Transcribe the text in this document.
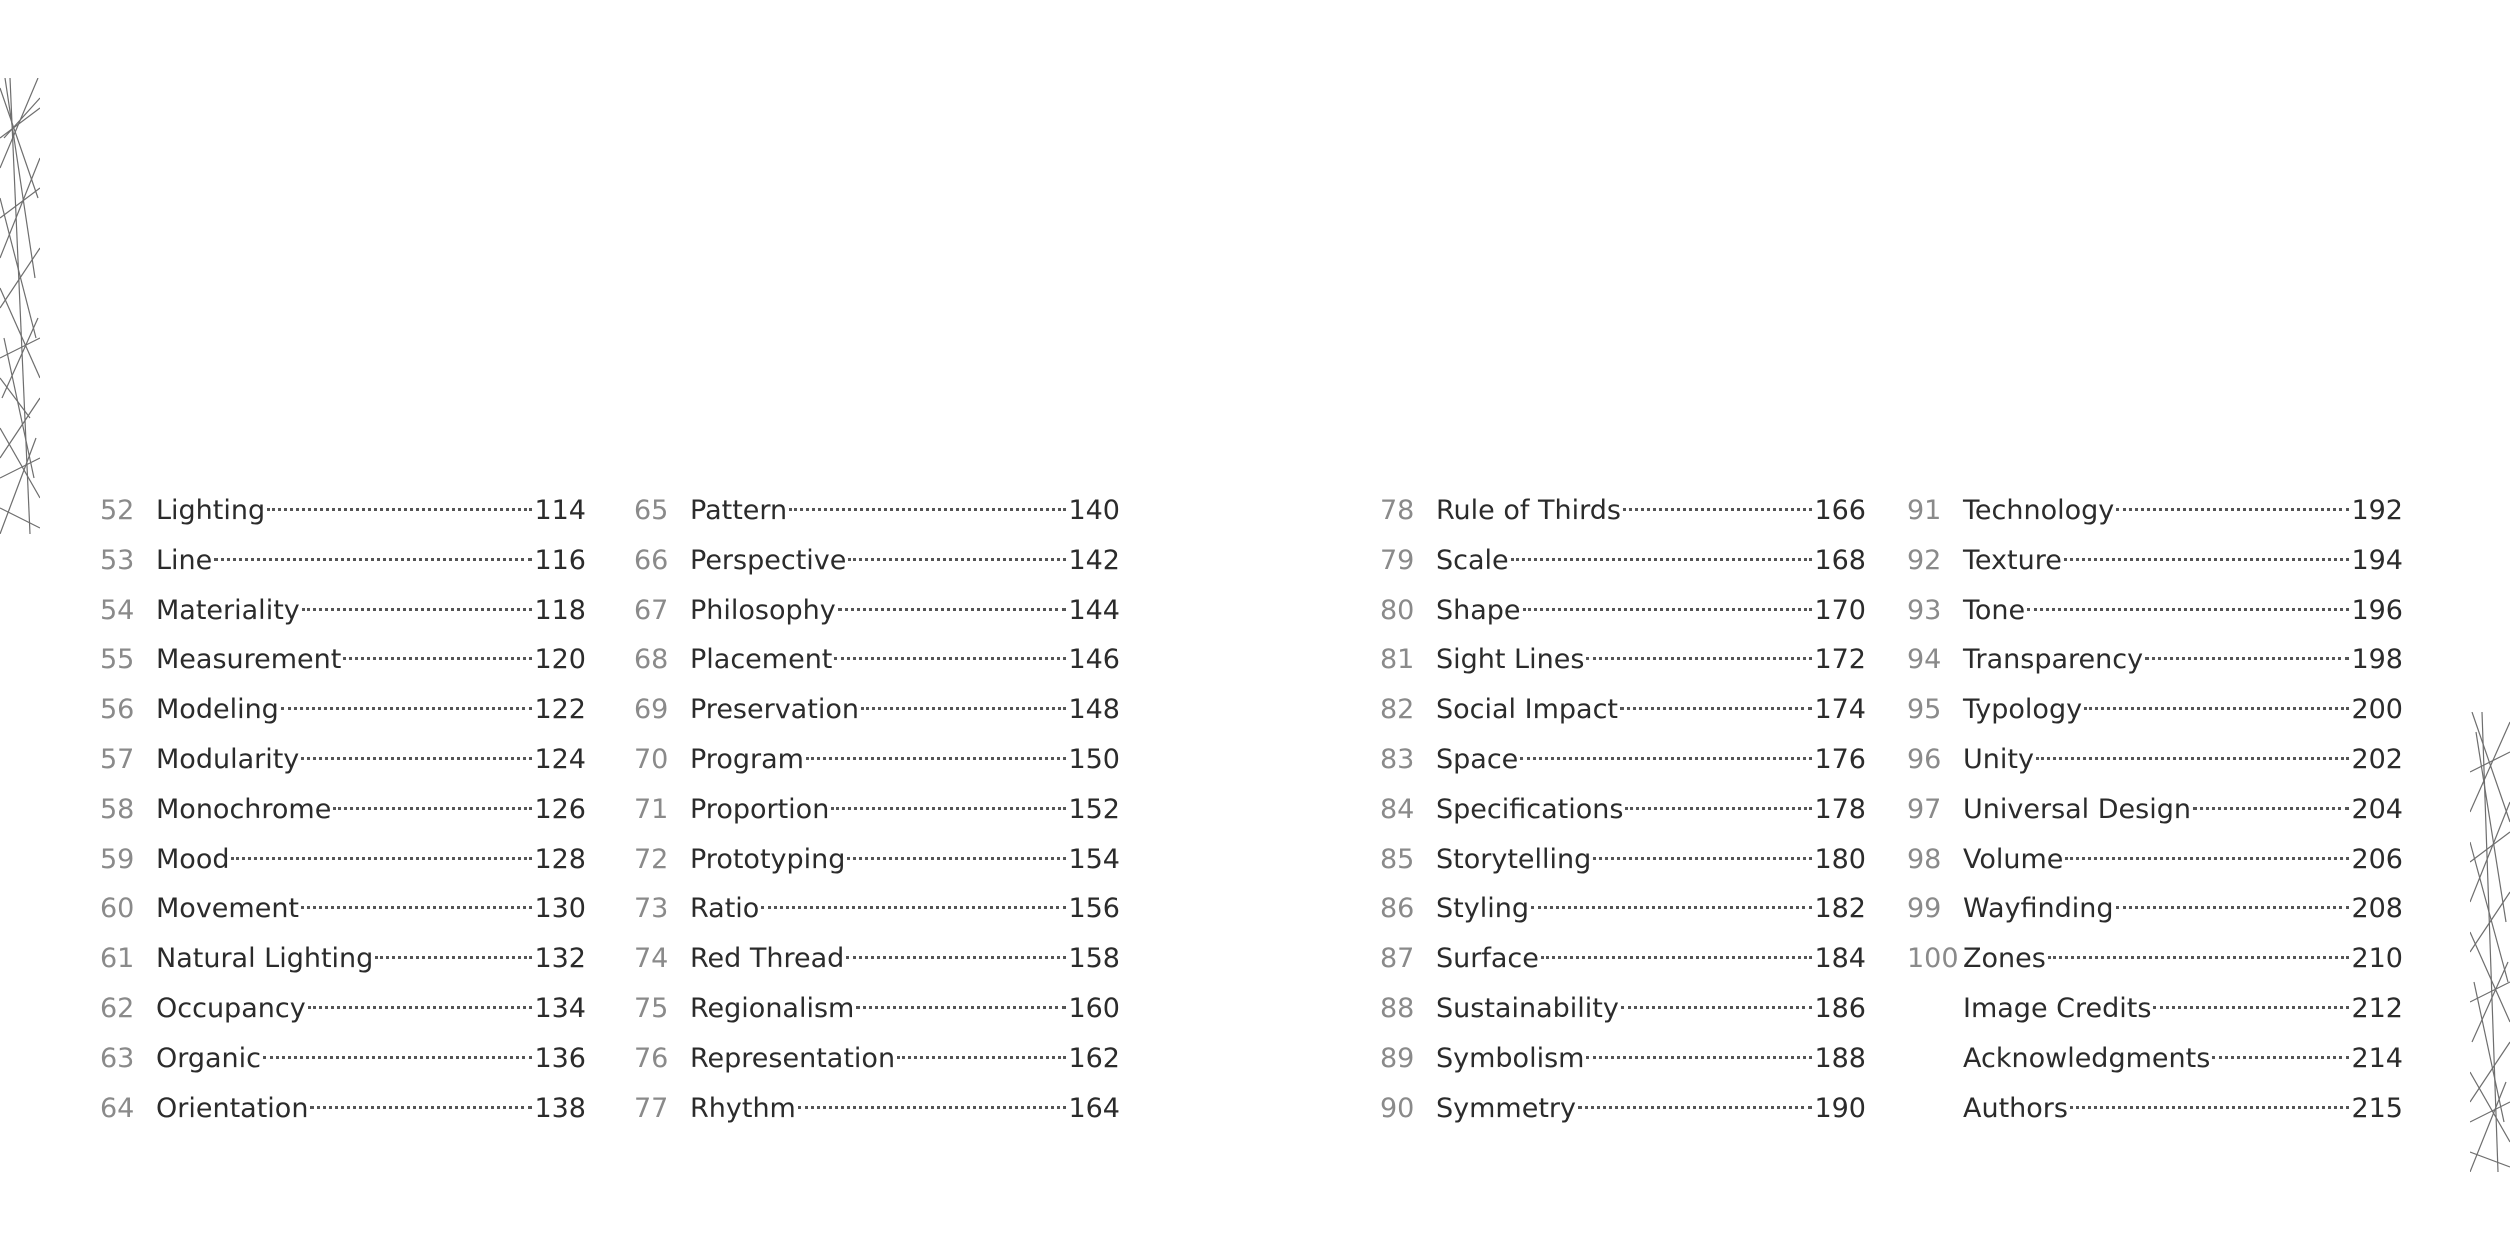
52 Lighting	114
53 Line	116
54 Materiality	118
55 Measurement	120
56 Modeling	122
57 Modularity	124
58 Monochrome	126
59 Mood	128
60 Movement	130
61 Natural Lighting	132
62 Occupancy	134
63 Organic	136
64 Orientation	138
65 Pattern	140
66 Perspective	142
67 Philosophy	144
68 Placement	146
69 Preservation	148
70 Program	150
71 Proportion	152
72 Prototyping	154
73 Ratio	156
74 Red Thread	158
75 Regionalism	160
76 Representation	162
77 Rhythm	164
78 Rule of Thirds	166
79 Scale	168
80 Shape	170
81 Sight Lines	172
82 Social Impact	174
83 Space	176
84 Specifications	178
85 Storytelling	180
86 Styling	182
87 Surface	184
88 Sustainability	186
89 Symbolism	188
90 Symmetry	190
91 Technology	192
92 Texture	194
93 Tone	196
94 Transparency	198
95 Typology	200
96 Unity	202
97 Universal Design	204
98 Volume	206
99 Wayfinding	208
100 Zones	210
Image Credits	212
Acknowledgments	214
Authors	215
